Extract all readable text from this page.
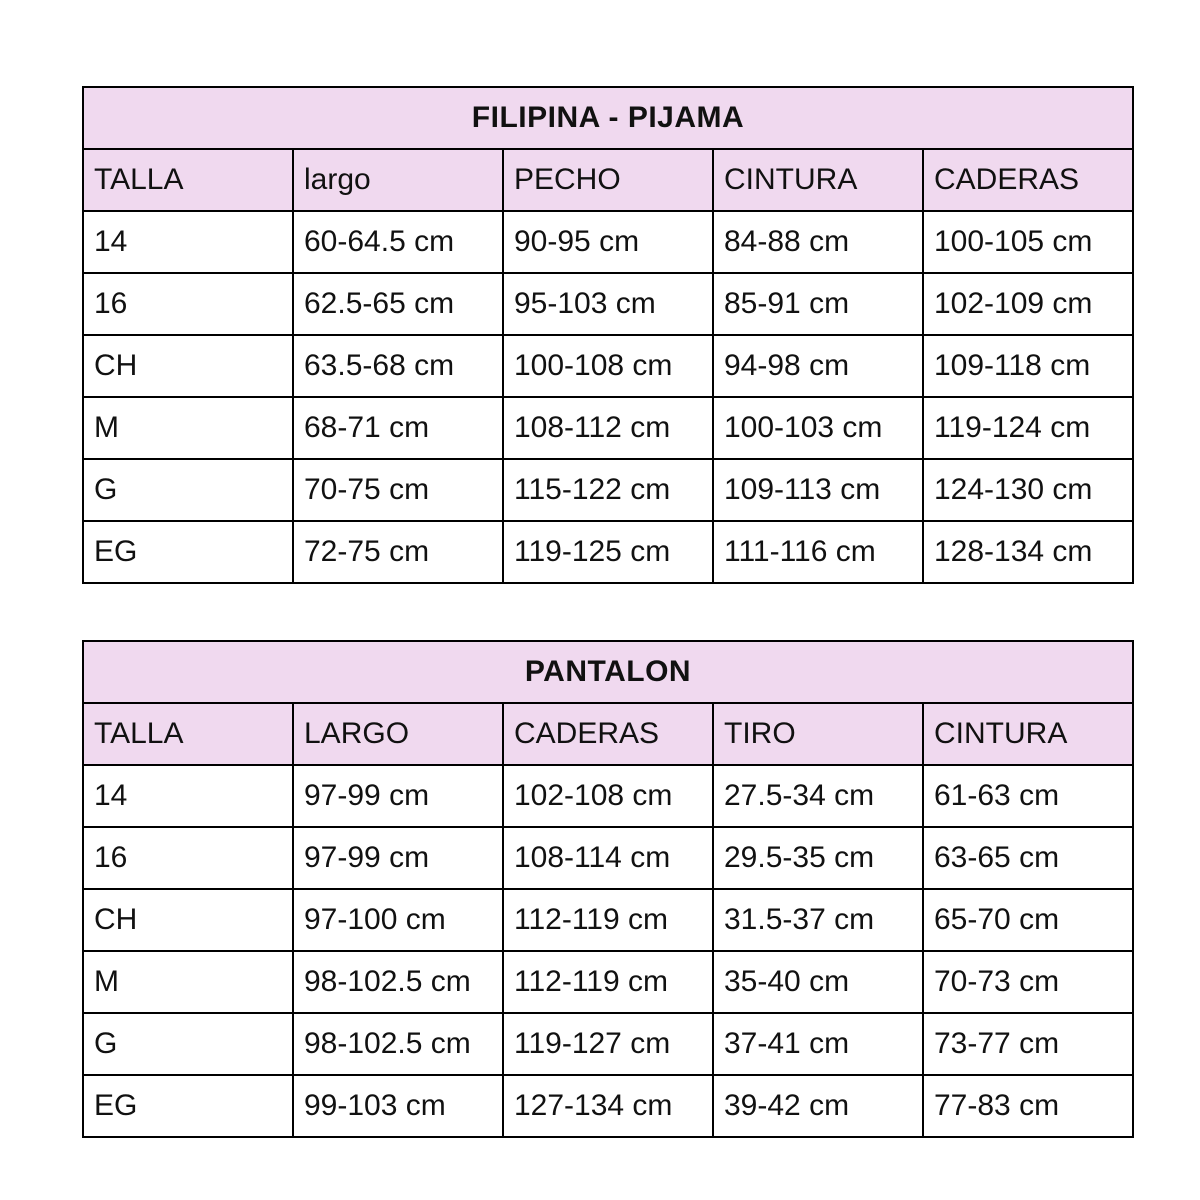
FILIPINA - PIJAMA				
TALLA	largo	PECHO	CINTURA	CADERAS
14	60-64.5 cm	90-95 cm	84-88 cm	100-105 cm
16	62.5-65 cm	95-103 cm	85-91 cm	102-109 cm
CH	63.5-68 cm	100-108 cm	94-98 cm	109-118 cm
M	68-71 cm	108-112 cm	100-103 cm	119-124 cm
G	70-75 cm	115-122 cm	109-113 cm	124-130 cm
EG	72-75 cm	119-125 cm	111-116 cm	128-134 cm
PANTALON				
TALLA	LARGO	CADERAS	TIRO	CINTURA
14	97-99 cm	102-108 cm	27.5-34 cm	61-63 cm
16	97-99 cm	108-114 cm	29.5-35 cm	63-65 cm
CH	97-100 cm	112-119 cm	31.5-37 cm	65-70 cm
M	98-102.5 cm	112-119 cm	35-40 cm	70-73 cm
G	98-102.5 cm	119-127 cm	37-41 cm	73-77 cm
EG	99-103 cm	127-134 cm	39-42 cm	77-83 cm
